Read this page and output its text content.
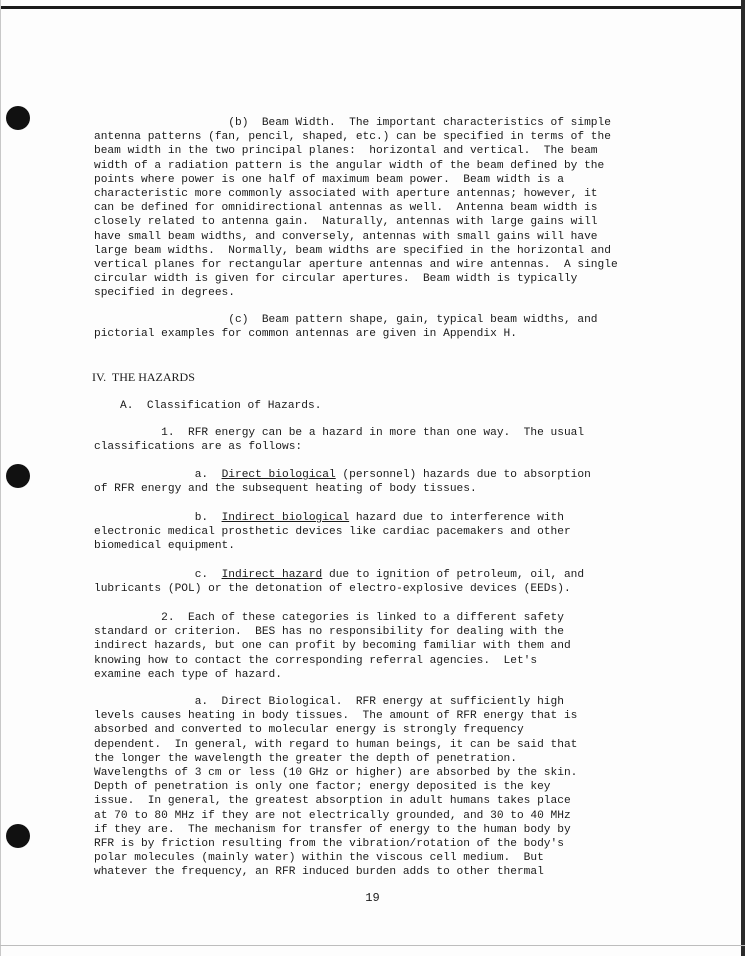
(b)  Beam Width.  The important characteristics of simple
antenna patterns (fan, pencil, shaped, etc.) can be specified in terms of the
beam width in the two principal planes:  horizontal and vertical.  The beam
width of a radiation pattern is the angular width of the beam defined by the
points where power is one half of maximum beam power.  Beam width is a
characteristic more commonly associated with aperture antennas; however, it
can be defined for omnidirectional antennas as well.  Antenna beam width is
closely related to antenna gain.  Naturally, antennas with large gains will
have small beam widths, and conversely, antennas with small gains will have
large beam widths.  Normally, beam widths are specified in the horizontal and
vertical planes for rectangular aperture antennas and wire antennas.  A single
circular width is given for circular apertures.  Beam width is typically
specified in degrees.
(c)  Beam pattern shape, gain, typical beam widths, and
pictorial examples for common antennas are given in Appendix H.
IV.  THE HAZARDS
A.  Classification of Hazards.
1.  RFR energy can be a hazard in more than one way.  The usual
classifications are as follows:
a.  Direct biological (personnel) hazards due to absorption
of RFR energy and the subsequent heating of body tissues.
b.  Indirect biological hazard due to interference with
electronic medical prosthetic devices like cardiac pacemakers and other
biomedical equipment.
c.  Indirect hazard due to ignition of petroleum, oil, and
lubricants (POL) or the detonation of electro-explosive devices (EEDs).
2.  Each of these categories is linked to a different safety
standard or criterion.  BES has no responsibility for dealing with the
indirect hazards, but one can profit by becoming familiar with them and
knowing how to contact the corresponding referral agencies.  Let's
examine each type of hazard.
a.  Direct Biological.  RFR energy at sufficiently high
levels causes heating in body tissues.  The amount of RFR energy that is
absorbed and converted to molecular energy is strongly frequency
dependent.  In general, with regard to human beings, it can be said that
the longer the wavelength the greater the depth of penetration.
Wavelengths of 3 cm or less (10 GHz or higher) are absorbed by the skin.
Depth of penetration is only one factor; energy deposited is the key
issue.  In general, the greatest absorption in adult humans takes place
at 70 to 80 MHz if they are not electrically grounded, and 30 to 40 MHz
if they are.  The mechanism for transfer of energy to the human body by
RFR is by friction resulting from the vibration/rotation of the body's
polar molecules (mainly water) within the viscous cell medium.  But
whatever the frequency, an RFR induced burden adds to other thermal
19
